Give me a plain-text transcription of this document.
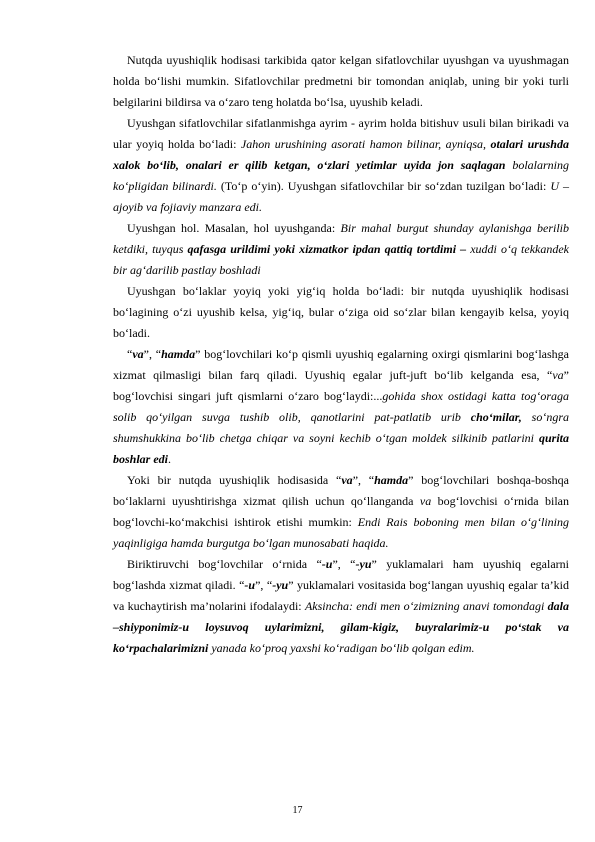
Nutqda uyushiqlik hodisasi tarkibida qator kelgan sifatlovchilar uyushgan va uyushmagan holda bo‘lishi mumkin. Sifatlovchilar predmetni bir tomondan aniqlab, uning bir yoki turli belgilarini bildirsa va o‘zaro teng holatda bo‘lsa, uyushib keladi.

Uyushgan sifatlovchilar sifatlanmishga ayrim - ayrim holda bitishuv usuli bilan birikadi va ular yoyiq holda bo‘ladi: Jahon urushining asorati hamon bilinar, ayniqsa, otalari urushda xalok bo‘lib, onalari er qilib ketgan, o‘zlari yetimlar uyida jon saqlagan bolalarning ko‘pligidan bilinardi. (To‘p o‘yin). Uyushgan sifatlovchilar bir so‘zdan tuzilgan bo‘ladi: U – ajoyib va fojiaviy manzara edi.

Uyushgan hol. Masalan, hol uyushganda: Bir mahal burgut shunday aylanishga berilib ketdiki, tuyqus qafasga urildimi yoki xizmatkor ipdan qattiq tortdimi – xuddi o‘q tekkandek bir ag‘darilib pastlay boshladi

Uyushgan bo‘laklar yoyiq yoki yig‘iq holda bo‘ladi: bir nutqda uyushiqlik hodisasi bo‘lagining o‘zi uyushib kelsa, yig‘iq, bular o‘ziga oid so‘zlar bilan kengayib kelsa, yoyiq bo‘ladi.

“va”, “hamda” bog‘lovchilari ko‘p qismli uyushiq egalarning oxirgi qismlarini bog‘lashga xizmat qilmasligi bilan farq qiladi. Uyushiq egalar juft-juft bo‘lib kelganda esa, “va” bog‘lovchisi singari juft qismlarni o‘zaro bog‘laydi:...gohida shox ostidagi katta tog‘oraga solib qo‘yilgan suvga tushib olib, qanotlarini pat-patlatib urib cho‘milar, so‘ngra shumshukkina bo‘lib chetga chiqar va soyni kechib o‘tgan moldek silkinib patlarini qurita boshlar edi.

Yoki bir nutqda uyushiqlik hodisasida “va”, “hamda” bog‘lovchilari boshqa-boshqa bo‘laklarni uyushtirishga xizmat qilish uchun qo‘llanganda va bog‘lovchisi o‘rnida bilan bog‘lovchi-ko‘makchisi ishtirok etishi mumkin: Endi Rais boboning men bilan o‘g‘lining yaqinligiga hamda burgutga bo‘lgan munosabati haqida.

Biriktiruvchi bog‘lovchilar o‘rnida “-u”, “-yu” yuklamalari ham uyushiq egalarni bog‘lashda xizmat qiladi. “-u”, “-yu” yuklamalari vositasida bog‘langan uyushiq egalar ta’kid va kuchaytirish ma’nolarini ifodalaydi: Aksincha: endi men o‘zimizning anavi tomondagi dala –shiyponimiz-u loysuvoq uylarimizni, gilam-kigiz, buyralarimiz-u po‘stak va ko‘rpachalarimizni yanada ko‘proq yaxshi ko‘radigan bo‘lib qolgan edim.

17
